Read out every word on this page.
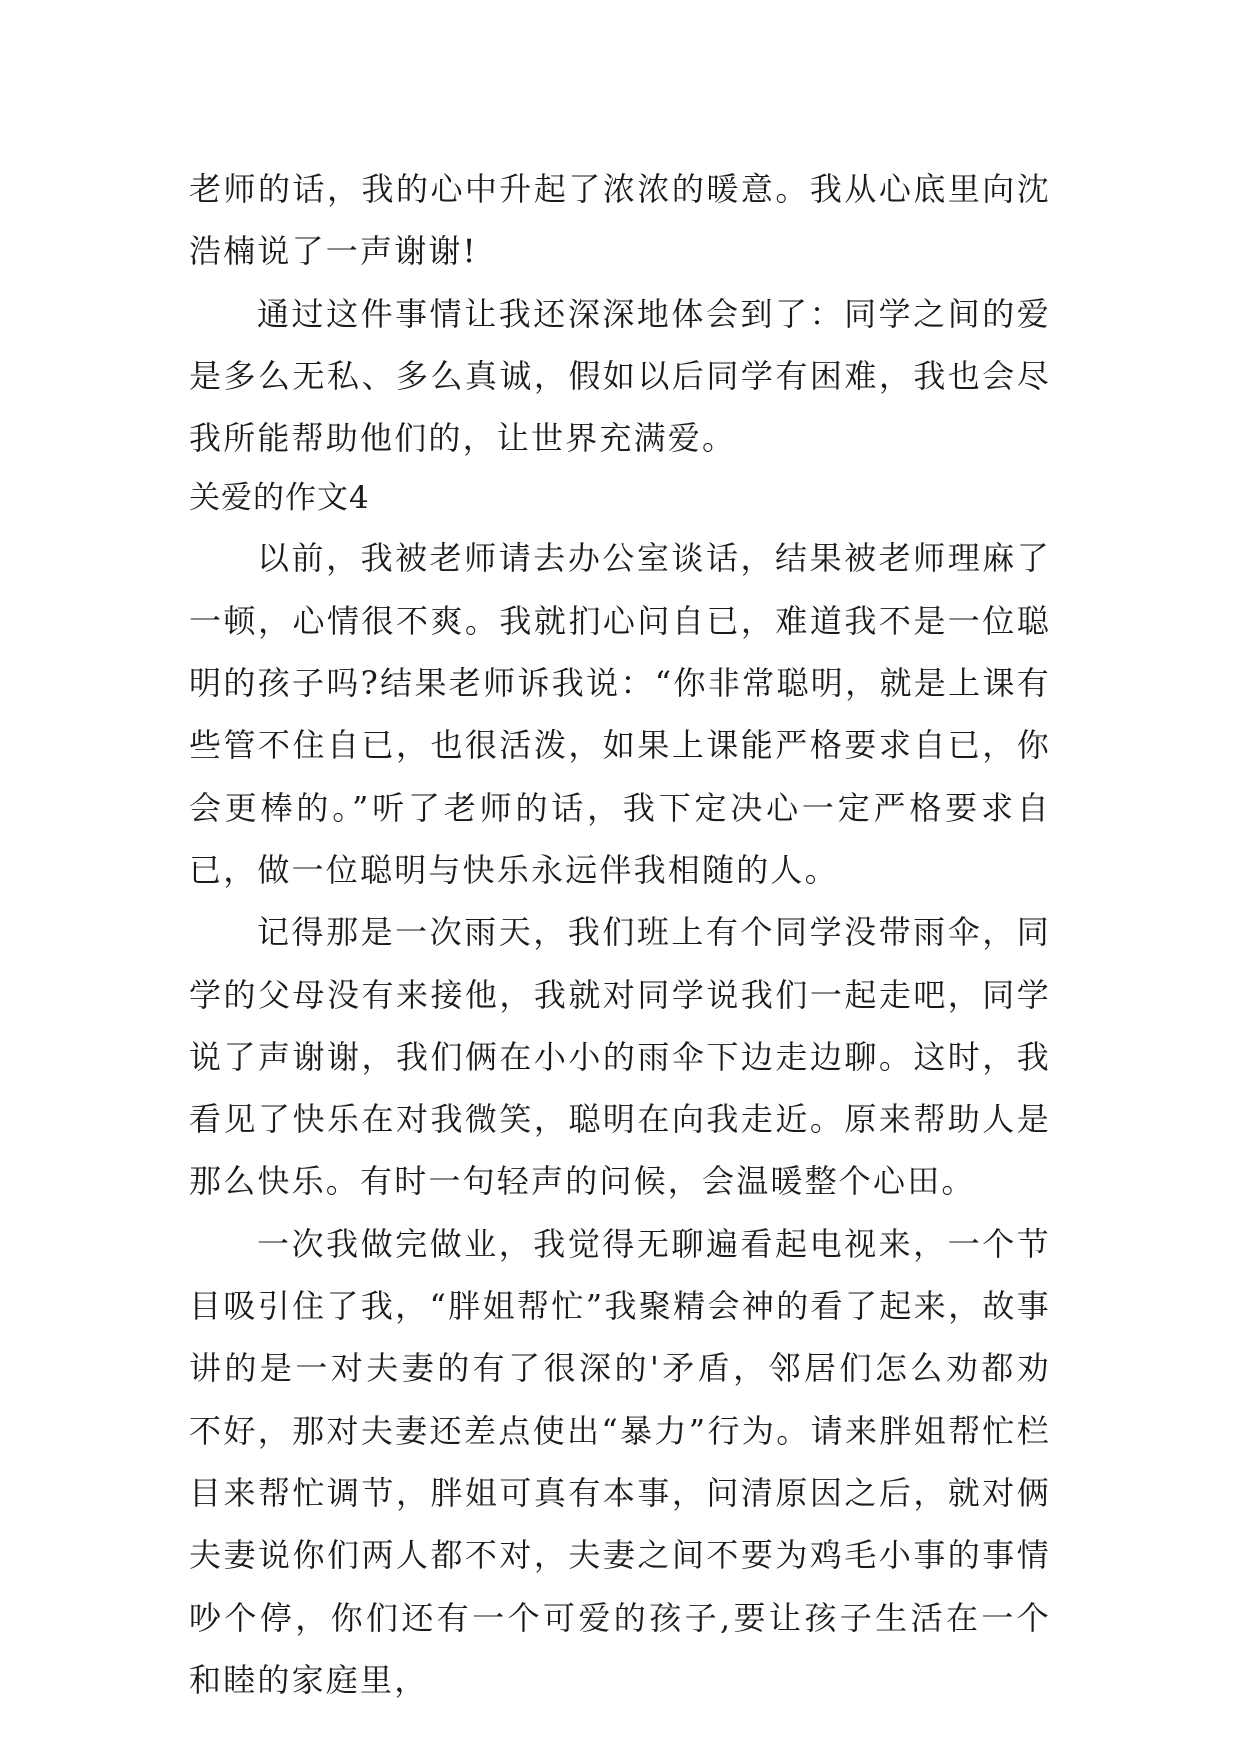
老师的话，我的心中升起了浓浓的暖意。我从心底里向沈浩楠说了一声谢谢!

通过这件事情让我还深深地体会到了：同学之间的爱是多么无私、多么真诚，假如以后同学有困难，我也会尽我所能帮助他们的，让世界充满爱。

关爱的作文4

以前，我被老师请去办公室谈话，结果被老师理麻了一顿，心情很不爽。我就扪心问自已，难道我不是一位聪明的孩子吗?结果老师诉我说：“你非常聪明，就是上课有些管不住自已，也很活泼，如果上课能严格要求自已，你会更棒的。”听了老师的话，我下定决心一定严格要求自已，做一位聪明与快乐永远伴我相随的人。

记得那是一次雨天，我们班上有个同学没带雨伞，同学的父母没有来接他，我就对同学说我们一起走吧，同学说了声谢谢，我们俩在小小的雨伞下边走边聊。这时，我看见了快乐在对我微笑，聪明在向我走近。原来帮助人是那么快乐。有时一句轻声的问候，会温暖整个心田。

一次我做完做业，我觉得无聊遍看起电视来，一个节目吸引住了我，“胖姐帮忙”我聚精会神的看了起来，故事讲的是一对夫妻的有了很深的'矛盾，邻居们怎么劝都劝不好，那对夫妻还差点使出“暴力”行为。请来胖姐帮忙栏目来帮忙调节，胖姐可真有本事，问清原因之后，就对俩夫妻说你们两人都不对，夫妻之间不要为鸡毛小事的事情吵个停，你们还有一个可爱的孩子,要让孩子生活在一个和睦的家庭里，
